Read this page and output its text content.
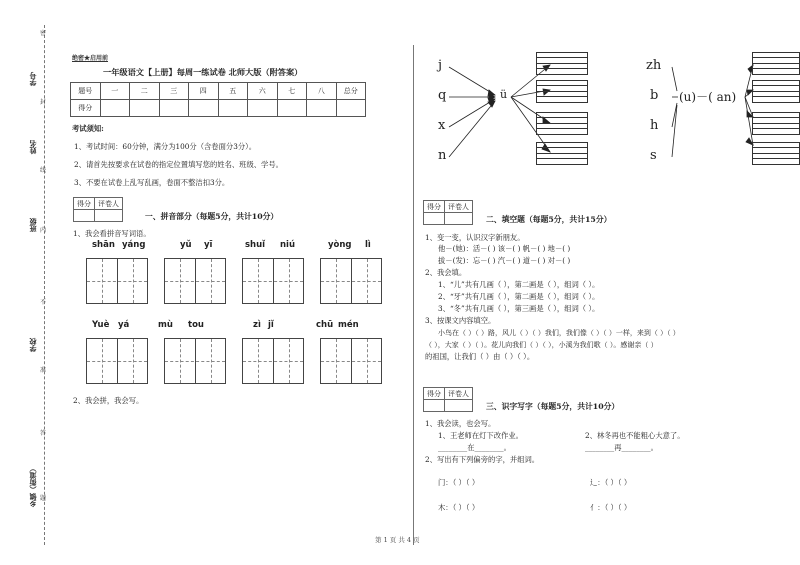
学号
姓名
班级
学校
乡镇（街道）
密
封
线
内
不
准
答
题
绝密★启用前
一年级语文【上册】每周一练试卷 北师大版（附答案）
题号	一	二	三	四	五	六	七	八	总分
得分									
考试须知:
1、考试时间：60分钟，满分为100分（含卷面分3分）。
2、请首先按要求在试卷的指定位置填写您的姓名、班级、学号。
3、不要在试卷上乱写乱画，卷面不整洁扣3分。
得分	评卷人

一、拼音部分（每题5分，共计10分）
1、我会看拼音写词语。
shān yáng	yǔ yī	shuǐ niú	yòng lì
Yuè yá	mù tou	zì jǐ	chū mén
2、我会拼，我会写。
j
q
x
n
ü
zh
b
h
s
(u)－( an)
得分	评卷人

二、填空题（每题5分，共计15分）
1、变一变，认识汉字新朋友。
他－(她)：活－( ) 该－( ) 帆－( ) 地－( )
拔－(发)：忘－( ) 汽－( ) 道－( ) 对－( )
2、我会填。
1、“儿”共有几画（ ），第二画是（ ），组词（ ）。
2、“牙”共有几画（ ），第二画是（ ），组词（ ）。
3、“冬”共有几画（ ），第三画是（ ），组词（ ）。
3、按课文内容填空。
小鸟在（ ）（ ）路，风儿（ ）（ ）我们，我们像（ ）（ ）一样，来到（ ）（ ）
（ ），大家（ ）（ ）。花儿向我们（ ）（ ），小溪为我们歌（ ）。感谢亲（ ）
的祖国，让我们（ ）由（ ）（ ）。
得分	评卷人

三、识字写字（每题5分，共计10分）
1、我会读，也会写。
1、王老师在灯下改作业。	2、林冬再也不能粗心大意了。
________在________。	________再________。
2、写出有下列偏旁的字，并组词。
门：（ ）（ ）	辶：（ ）（ ）
木：（ ）（ ）	亻：（ ）（ ）
第 1 页 共 4 页
